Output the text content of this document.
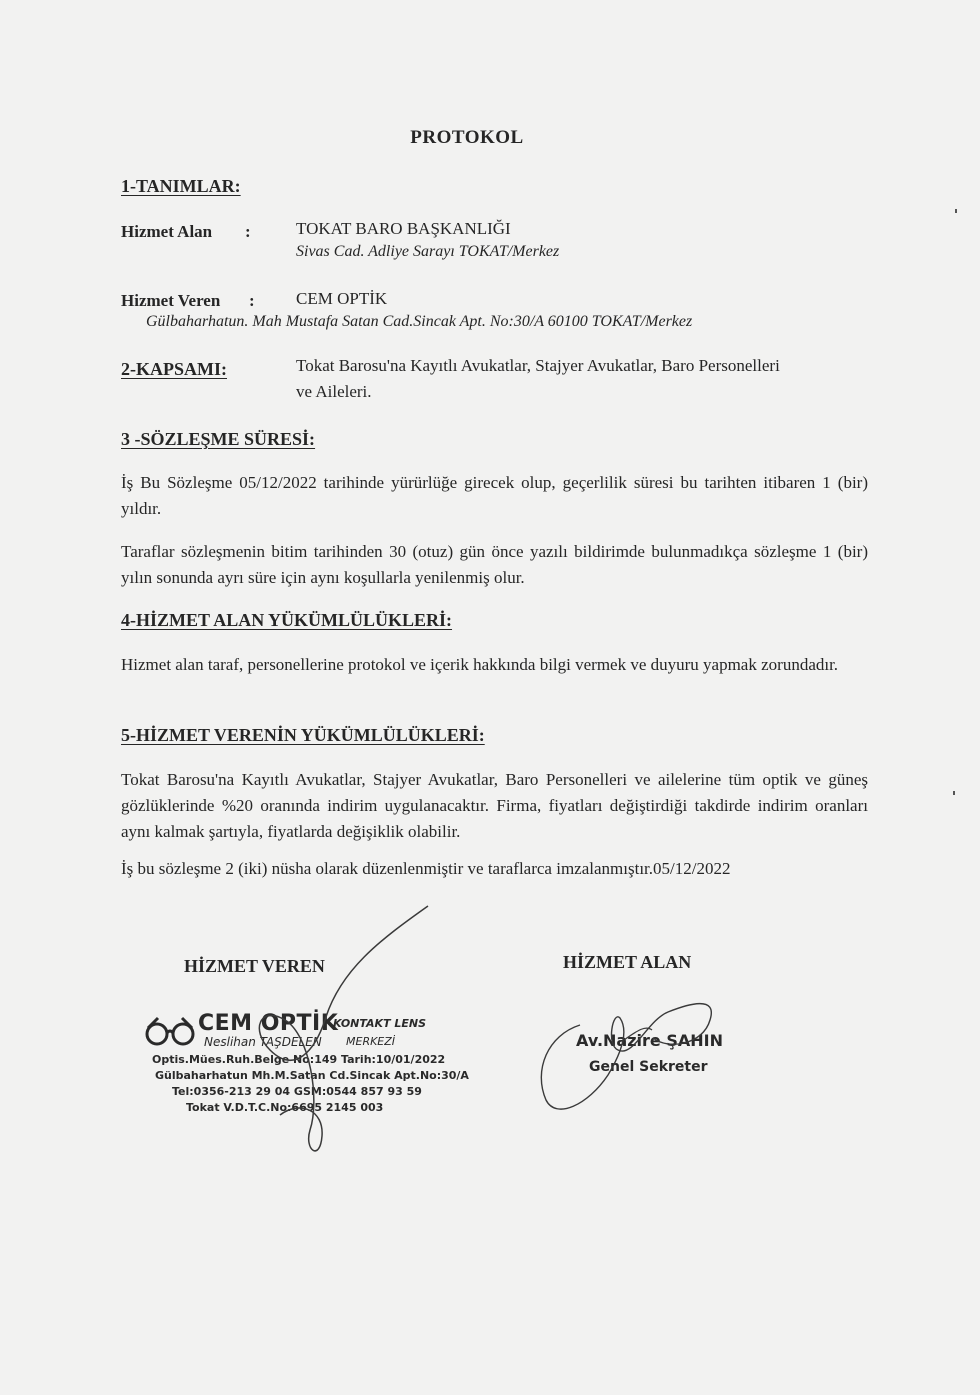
PROTOKOL
1-TANIMLAR:
Hizmet Alan :	TOKAT BARO BAŞKANLIĞI
Sivas Cad. Adliye Sarayı TOKAT/Merkez
Hizmet Veren : CEM OPTİK
Gülbaharhatun. Mah Mustafa Satan Cad.Sincak Apt. No:30/A 60100 TOKAT/Merkez
2-KAPSAMI:	Tokat Barosu'na Kayıtlı Avukatlar, Stajyer Avukatlar, Baro Personelleri
ve Aileleri.
3 -SÖZLEŞME SÜRESİ:
İş Bu Sözleşme 05/12/2022 tarihinde yürürlüğe girecek olup, geçerlilik süresi bu tarihten itibaren 1 (bir) yıldır.
Taraflar sözleşmenin bitim tarihinden 30 (otuz) gün önce yazılı bildirimde bulunmadıkça sözleşme 1 (bir) yılın sonunda ayrı süre için aynı koşullarla yenilenmiş olur.
4-HİZMET ALAN YÜKÜMLÜLÜKLERİ:
Hizmet alan taraf, personellerine protokol ve içerik hakkında bilgi vermek ve duyuru yapmak zorundadır.
5-HİZMET VERENİN YÜKÜMLÜLÜKLERİ:
Tokat Barosu'na Kayıtlı Avukatlar, Stajyer Avukatlar, Baro Personelleri ve ailelerine tüm optik ve güneş gözlüklerinde %20 oranında indirim uygulanacaktır. Firma, fiyatları değiştirdiği takdirde indirim oranları aynı kalmak şartıyla, fiyatlarda değişiklik olabilir.
İş bu sözleşme 2 (iki) nüsha olarak düzenlenmiştir ve taraflarca imzalanmıştır.05/12/2022
HİZMET VEREN	HİZMET ALAN
CEM OPTİK
KONTAKT LENS
Neslihan TAŞDELEN MERKEZİ
Optis.Mües.Ruh.Belge No:149 Tarih:10/01/2022
Gülbaharhatun Mh.M.Satan Cd.Sincak Apt.No:30/A
Tel:0356-213 29 04 GSM:0544 857 93 59
Tokat V.D.T.C.No:6695 2145 003
Av.Nazire ŞAHIN
Genel Sekreter
